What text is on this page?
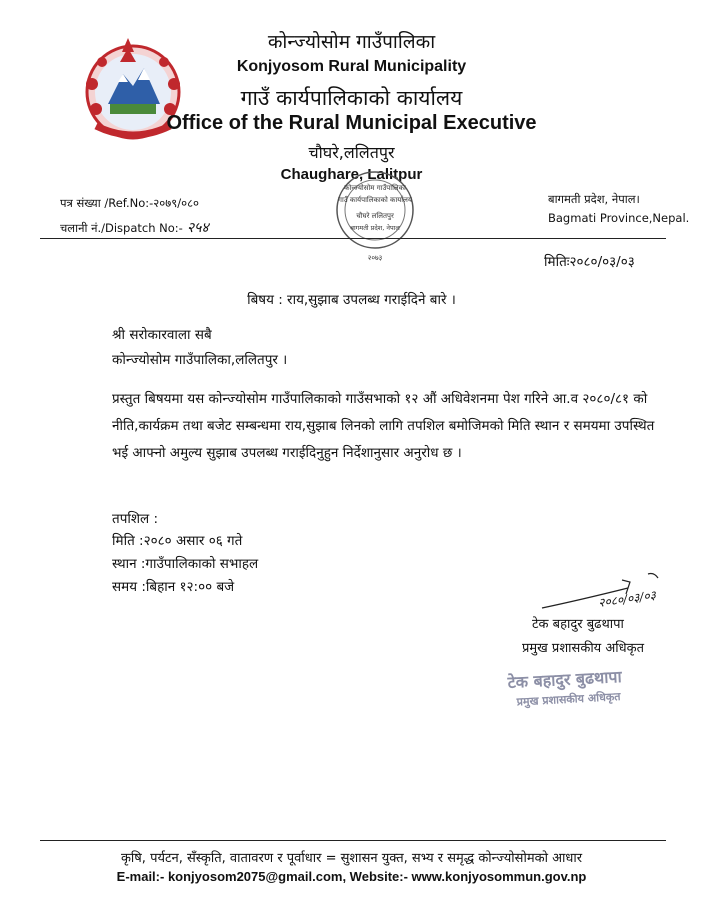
कोन्ज्योसोम गाउँपालिका
Konjyosom Rural Municipality
गाउँ कार्यपालिकाको कार्यालय
Office of the Rural Municipal Executive
चौघरे,ललितपुर
Chaughare, Lalitpur
पत्र संख्या /Ref.No:-२०७९/०८०
चलानी नं./Dispatch No:- २५४
बागमती प्रदेश, नेपाल।
Bagmati Province,Nepal.
कोन्ज्योसोम गाउँपालिका
गाउँ कार्यपालिकाको कार्यालय
चौघरे ललितपुर
बागमती प्रदेश, नेपाल
२०७३	मितिः२०८०/०३/०३
बिषय : राय,सुझाब उपलब्ध गराईदिने बारे ।
श्री सरोकारवाला सबै
कोन्ज्योसोम गाउँपालिका,ललितपुर ।
प्रस्तुत बिषयमा यस कोन्ज्योसोम गाउँपालिकाको गाउँसभाको १२ औं अधिवेशनमा पेश गरिने आ.व २०८०/८१ को नीति,कार्यक्रम तथा बजेट सम्बन्धमा राय,सुझाब लिनको लागि तपशिल बमोजिमको मिति स्थान र समयमा उपस्थित भई आफ्नो अमुल्य सुझाब उपलब्ध गराईदिनुहुन निर्देशानुसार अनुरोध छ ।
तपशिल :
मिति :२०८० असार ०६ गते
स्थान :गाउँपालिकाको सभाहल
समय :बिहान १२:०० बजे
२०८०/०३/०३
टेक बहादुर बुढथापा
प्रमुख प्रशासकीय अधिकृत
टेक बहादुर बुढथापा
प्रमुख प्रशासकीय अधिकृत
कृषि, पर्यटन, सँस्कृति, वातावरण र पूर्वाधार = सुशासन युक्त, सभ्य र समृद्ध कोन्ज्योसोमको आधार
E-mail:- konjyosom2075@gmail.com, Website:- www.konjyosommun.gov.np
